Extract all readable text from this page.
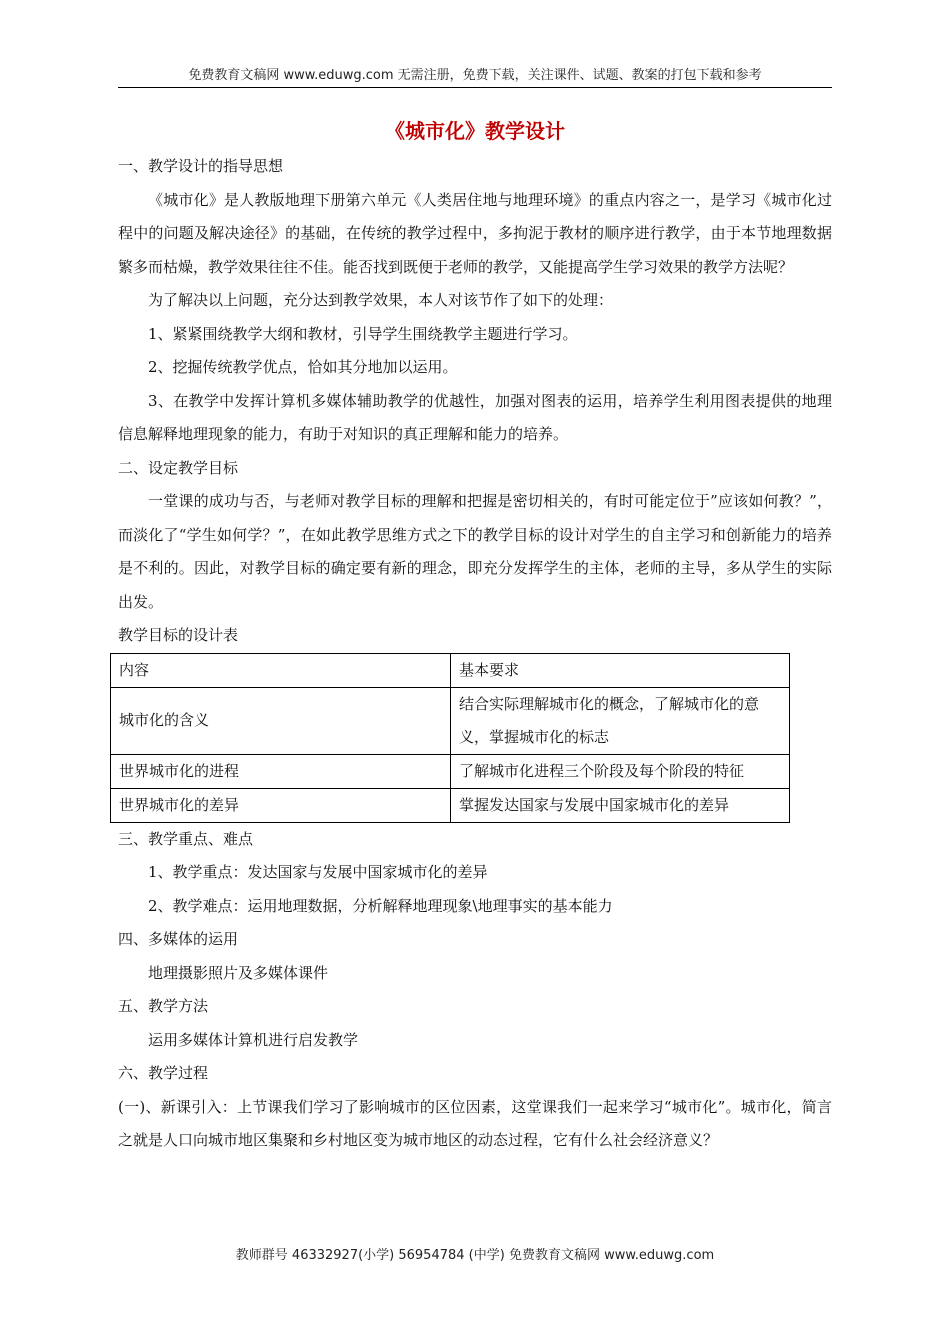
免费教育文稿网 www.eduwg.com 无需注册，免费下载，关注课件、试题、教案的打包下载和参考
《城市化》教学设计

一、教学设计的指导思想

《城市化》是人教版地理下册第六单元《人类居住地与地理环境》的重点内容之一，是学习《城市化过程中的问题及解决途径》的基础，在传统的教学过程中，多拘泥于教材的顺序进行教学，由于本节地理数据繁多而枯燥，教学效果往往不佳。能否找到既便于老师的教学，又能提高学生学习效果的教学方法呢？

为了解决以上问题，充分达到教学效果，本人对该节作了如下的处理：

1、紧紧围绕教学大纲和教材，引导学生围绕教学主题进行学习。

2、挖掘传统教学优点，恰如其分地加以运用。

3、在教学中发挥计算机多媒体辅助教学的优越性，加强对图表的运用，培养学生利用图表提供的地理信息解释地理现象的能力，有助于对知识的真正理解和能力的培养。

二、设定教学目标

一堂课的成功与否，与老师对教学目标的理解和把握是密切相关的，有时可能定位于”应该如何教？”，而淡化了“学生如何学？”，在如此教学思维方式之下的教学目标的设计对学生的自主学习和创新能力的培养是不利的。因此，对教学目标的确定要有新的理念，即充分发挥学生的主体，老师的主导，多从学生的实际出发。

教学目标的设计表

内容	基本要求
城市化的含义	结合实际理解城市化的概念，了解城市化的意义，掌握城市化的标志
世界城市化的进程	了解城市化进程三个阶段及每个阶段的特征
世界城市化的差异	掌握发达国家与发展中国家城市化的差异

三、教学重点、难点

1、教学重点：发达国家与发展中国家城市化的差异

2、教学难点：运用地理数据，分析解释地理现象\地理事实的基本能力

四、多媒体的运用

地理摄影照片及多媒体课件

五、教学方法

运用多媒体计算机进行启发教学

六、教学过程

(一)、新课引入：上节课我们学习了影响城市的区位因素，这堂课我们一起来学习“城市化”。城市化，简言之就是人口向城市地区集聚和乡村地区变为城市地区的动态过程，它有什么社会经济意义？

教师群号 46332927(小学) 56954784 (中学) 免费教育文稿网 www.eduwg.com
